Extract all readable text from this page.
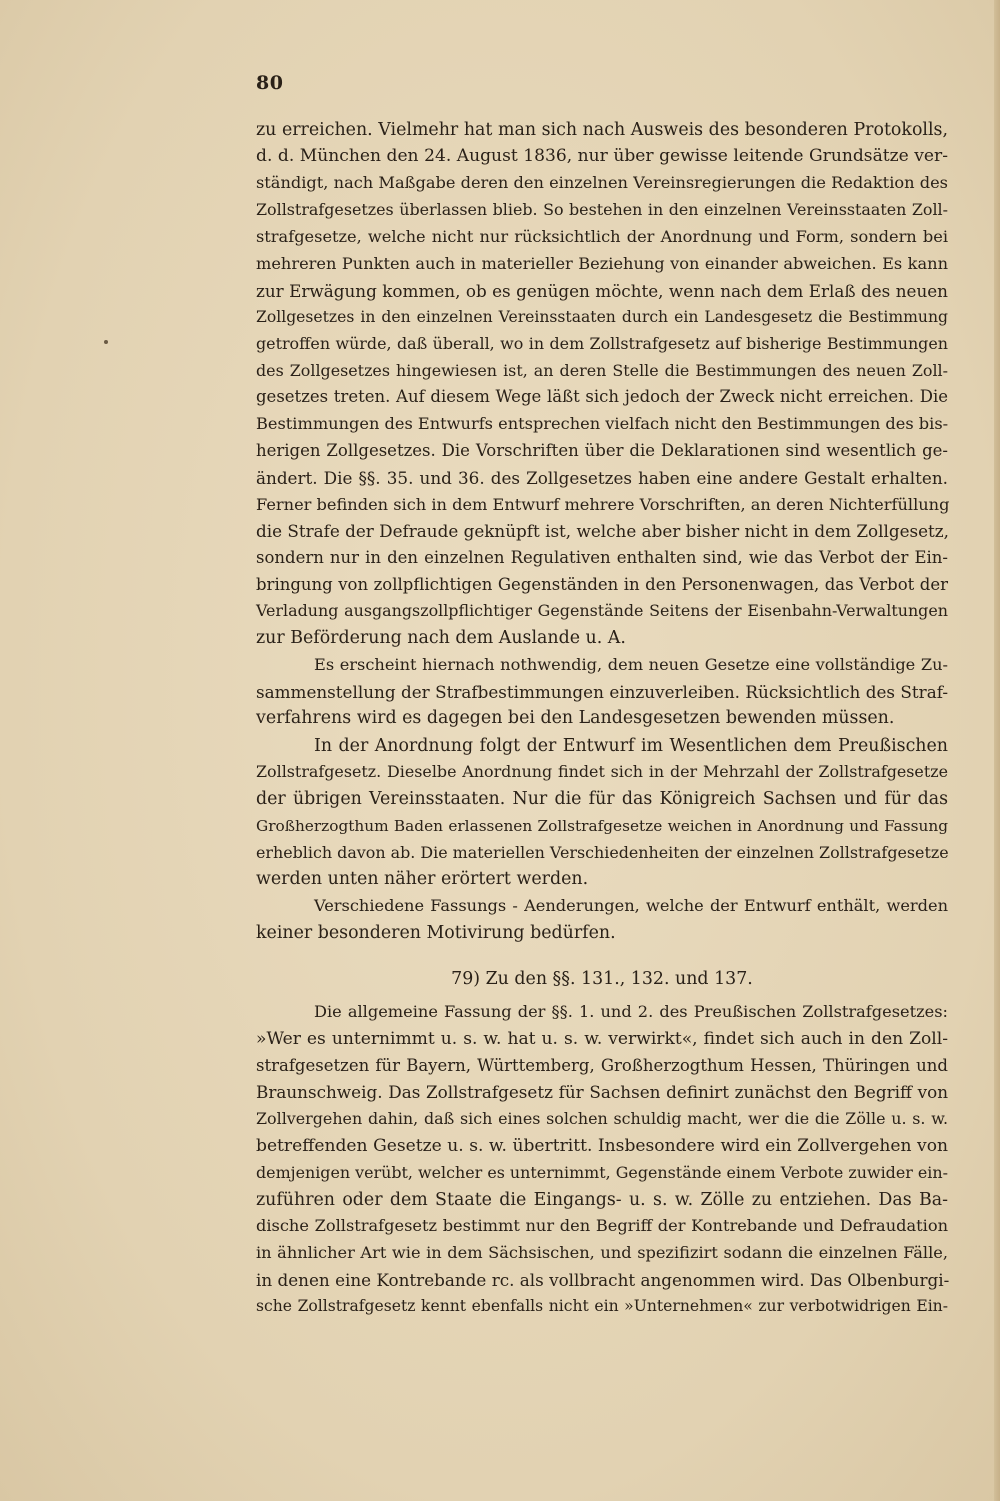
80
zu erreichen. Vielmehr hat man sich nach Ausweis des besonderen Protokolls,
d. d. München den 24. August 1836, nur über gewisse leitende Grundsätze ver-
ständigt, nach Maßgabe deren den einzelnen Vereinsregierungen die Redaktion des
Zollstrafgesetzes überlassen blieb. So bestehen in den einzelnen Vereinsstaaten Zoll-
strafgesetze, welche nicht nur rücksichtlich der Anordnung und Form, sondern bei
mehreren Punkten auch in materieller Beziehung von einander abweichen. Es kann
zur Erwägung kommen, ob es genügen möchte, wenn nach dem Erlaß des neuen
Zollgesetzes in den einzelnen Vereinsstaaten durch ein Landesgesetz die Bestimmung
getroffen würde, daß überall, wo in dem Zollstrafgesetz auf bisherige Bestimmungen
des Zollgesetzes hingewiesen ist, an deren Stelle die Bestimmungen des neuen Zoll-
gesetzes treten. Auf diesem Wege läßt sich jedoch der Zweck nicht erreichen. Die
Bestimmungen des Entwurfs entsprechen vielfach nicht den Bestimmungen des bis-
herigen Zollgesetzes. Die Vorschriften über die Deklarationen sind wesentlich ge-
ändert. Die §§. 35. und 36. des Zollgesetzes haben eine andere Gestalt erhalten.
Ferner befinden sich in dem Entwurf mehrere Vorschriften, an deren Nichterfüllung
die Strafe der Defraude geknüpft ist, welche aber bisher nicht in dem Zollgesetz,
sondern nur in den einzelnen Regulativen enthalten sind, wie das Verbot der Ein-
bringung von zollpflichtigen Gegenständen in den Personenwagen, das Verbot der
Verladung ausgangszollpflichtiger Gegenstände Seitens der Eisenbahn-Verwaltungen
zur Beförderung nach dem Auslande u. A.
Es erscheint hiernach nothwendig, dem neuen Gesetze eine vollständige Zu-
sammenstellung der Strafbestimmungen einzuverleiben. Rücksichtlich des Straf-
verfahrens wird es dagegen bei den Landesgesetzen bewenden müssen.
In der Anordnung folgt der Entwurf im Wesentlichen dem Preußischen
Zollstrafgesetz. Dieselbe Anordnung findet sich in der Mehrzahl der Zollstrafgesetze
der übrigen Vereinsstaaten. Nur die für das Königreich Sachsen und für das
Großherzogthum Baden erlassenen Zollstrafgesetze weichen in Anordnung und Fassung
erheblich davon ab. Die materiellen Verschiedenheiten der einzelnen Zollstrafgesetze
werden unten näher erörtert werden.
Verschiedene Fassungs - Aenderungen, welche der Entwurf enthält, werden
keiner besonderen Motivirung bedürfen.
79) Zu den §§. 131., 132. und 137.
Die allgemeine Fassung der §§. 1. und 2. des Preußischen Zollstrafgesetzes:
»Wer es unternimmt u. s. w. hat u. s. w. verwirkt«, findet sich auch in den Zoll-
strafgesetzen für Bayern, Württemberg, Großherzogthum Hessen, Thüringen und
Braunschweig. Das Zollstrafgesetz für Sachsen definirt zunächst den Begriff von
Zollvergehen dahin, daß sich eines solchen schuldig macht, wer die die Zölle u. s. w.
betreffenden Gesetze u. s. w. übertritt. Insbesondere wird ein Zollvergehen von
demjenigen verübt, welcher es unternimmt, Gegenstände einem Verbote zuwider ein-
zuführen oder dem Staate die Eingangs- u. s. w. Zölle zu entziehen. Das Ba-
dische Zollstrafgesetz bestimmt nur den Begriff der Kontrebande und Defraudation
in ähnlicher Art wie in dem Sächsischen, und spezifizirt sodann die einzelnen Fälle,
in denen eine Kontrebande rc. als vollbracht angenommen wird. Das Olbenburgi-
sche Zollstrafgesetz kennt ebenfalls nicht ein »Unternehmen« zur verbotwidrigen Ein-
